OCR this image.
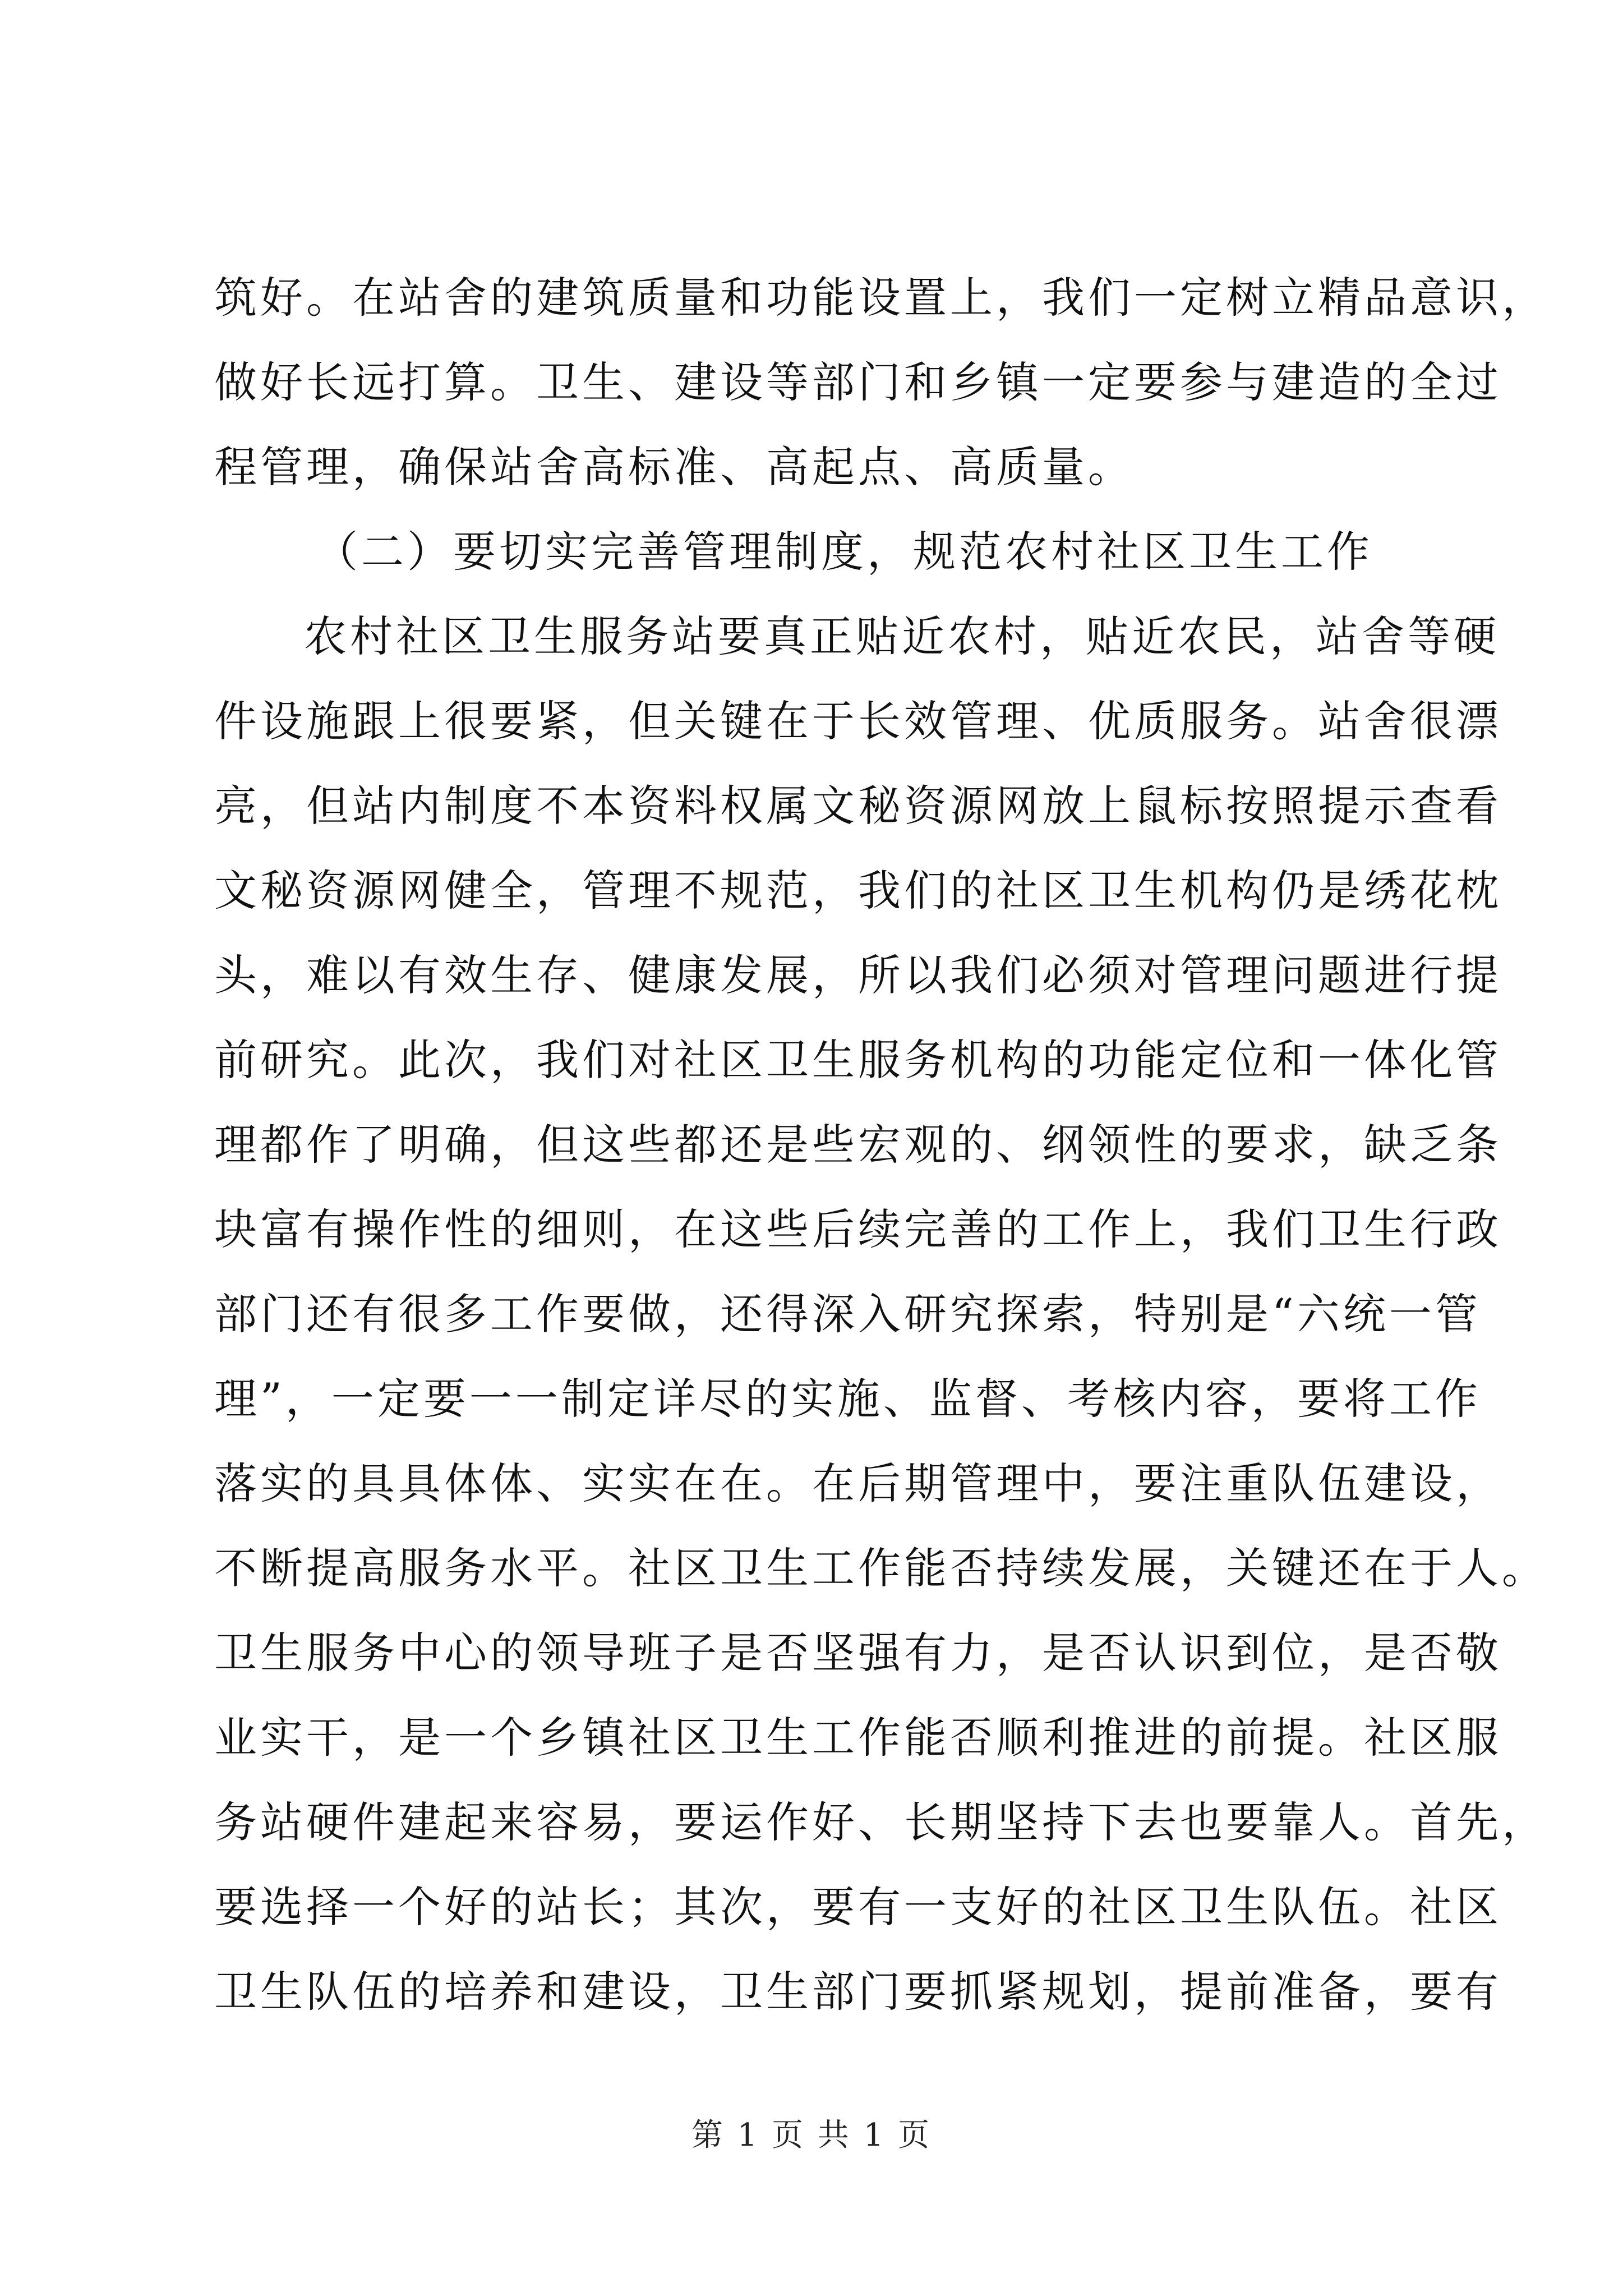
筑好。在站舍的建筑质量和功能设置上，我们一定树立精品意识，
做好长远打算。卫生、建设等部门和乡镇一定要参与建造的全过
程管理，确保站舍高标准、高起点、高质量。
（二）要切实完善管理制度，规范农村社区卫生工作
农村社区卫生服务站要真正贴近农村，贴近农民，站舍等硬
件设施跟上很要紧，但关键在于长效管理、优质服务。站舍很漂
亮，但站内制度不本资料权属文秘资源网放上鼠标按照提示查看
文秘资源网健全，管理不规范，我们的社区卫生机构仍是绣花枕
头，难以有效生存、健康发展，所以我们必须对管理问题进行提
前研究。此次，我们对社区卫生服务机构的功能定位和一体化管
理都作了明确，但这些都还是些宏观的、纲领性的要求，缺乏条
块富有操作性的细则，在这些后续完善的工作上，我们卫生行政
部门还有很多工作要做，还得深入研究探索，特别是“六统一管
理”，一定要一一制定详尽的实施、监督、考核内容，要将工作
落实的具具体体、实实在在。在后期管理中，要注重队伍建设，
不断提高服务水平。社区卫生工作能否持续发展，关键还在于人。
卫生服务中心的领导班子是否坚强有力，是否认识到位，是否敬
业实干，是一个乡镇社区卫生工作能否顺利推进的前提。社区服
务站硬件建起来容易，要运作好、长期坚持下去也要靠人。首先，
要选择一个好的站长；其次，要有一支好的社区卫生队伍。社区
卫生队伍的培养和建设，卫生部门要抓紧规划，提前准备，要有
第 1 页 共 1 页
